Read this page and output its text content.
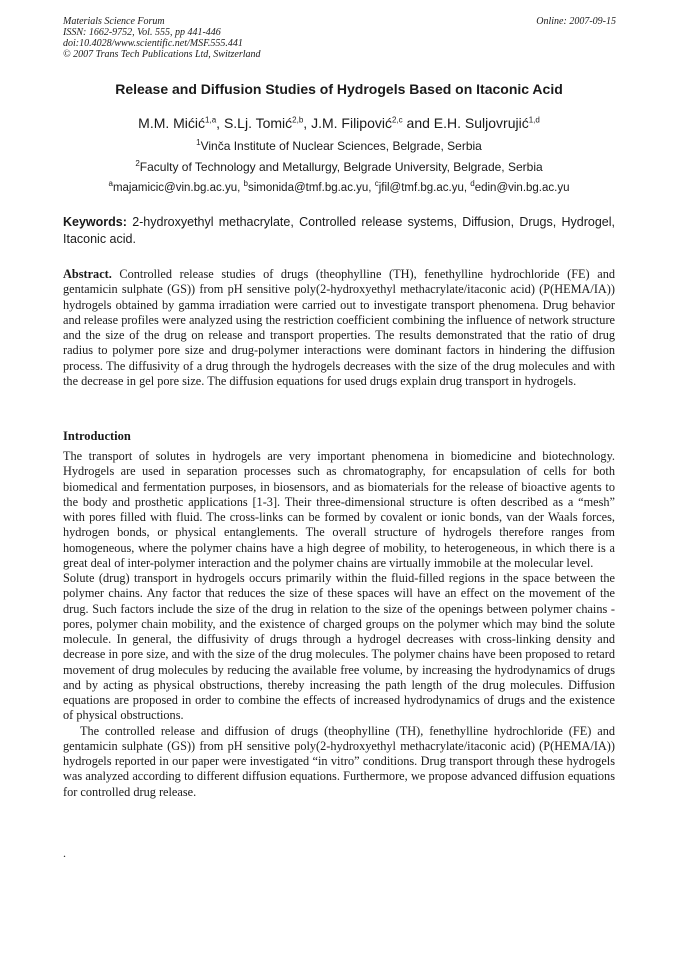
Materials Science Forum
ISSN: 1662-9752, Vol. 555, pp 441-446
doi:10.4028/www.scientific.net/MSF.555.441
© 2007 Trans Tech Publications Ltd, Switzerland
Online: 2007-09-15
Release and Diffusion Studies of Hydrogels Based on Itaconic Acid
M.M. Mićić$^{1,a}$, S.Lj. Tomić$^{2,b}$, J.M. Filipović$^{2,c}$ and E.H. Suljovrujić$^{1,d}$
$^1$Vinča Institute of Nuclear Sciences, Belgrade, Serbia
$^2$Faculty of Technology and Metallurgy, Belgrade University, Belgrade, Serbia
$^a$majamicic@vin.bg.ac.yu, $^b$simonida@tmf.bg.ac.yu, $^c$jfil@tmf.bg.ac.yu, $^d$edin@vin.bg.ac.yu
Keywords: 2-hydroxyethyl methacrylate, Controlled release systems, Diffusion, Drugs, Hydrogel, Itaconic acid.
Abstract. Controlled release studies of drugs (theophylline (TH), fenethylline hydrochloride (FE) and gentamicin sulphate (GS)) from pH sensitive poly(2-hydroxyethyl methacrylate/itaconic acid) (P(HEMA/IA)) hydrogels obtained by gamma irradiation were carried out to investigate transport phenomena. Drug behavior and release profiles were analyzed using the restriction coefficient combining the influence of network structure and the size of the drug on release and transport properties. The results demonstrated that the ratio of drug radius to polymer pore size and drug-polymer interactions were dominant factors in hindering the diffusion process. The diffusivity of a drug through the hydrogels decreases with the size of the drug molecules and with the decrease in gel pore size. The diffusion equations for used drugs explain drug transport in hydrogels.
Introduction

The transport of solutes in hydrogels are very important phenomena in biomedicine and biotechnology. Hydrogels are used in separation processes such as chromatography, for encapsulation of cells for both biomedical and fermentation purposes, in biosensors, and as biomaterials for the release of bioactive agents to the body and prosthetic applications [1-3]. Their three-dimensional structure is often described as a “mesh” with pores filled with fluid. The cross-links can be formed by covalent or ionic bonds, van der Waals forces, hydrogen bonds, or physical entanglements. The overall structure of hydrogels therefore ranges from homogeneous, where the polymer chains have a high degree of mobility, to heterogeneous, in which there is a great deal of inter-polymer interaction and the polymer chains are virtually immobile at the molecular level.

Solute (drug) transport in hydrogels occurs primarily within the fluid-filled regions in the space between the polymer chains. Any factor that reduces the size of these spaces will have an effect on the movement of the drug. Such factors include the size of the drug in relation to the size of the openings between polymer chains - pores, polymer chain mobility, and the existence of charged groups on the polymer which may bind the solute molecule. In general, the diffusivity of drugs through a hydrogel decreases with cross-linking density and decrease in pore size, and with the size of the drug molecules. The polymer chains have been proposed to retard movement of drug molecules by reducing the available free volume, by increasing the hydrodynamics of drugs and by acting as physical obstructions, thereby increasing the path length of the drug molecules. Diffusion equations are proposed in order to combine the effects of increased hydrodynamics of drugs and the existence of physical obstructions.

The controlled release and diffusion of drugs (theophylline (TH), fenethylline hydrochloride (FE) and gentamicin sulphate (GS)) from pH sensitive poly(2-hydroxyethyl methacrylate/itaconic acid) (P(HEMA/IA)) hydrogels reported in our paper were investigated “in vitro” conditions. Drug transport through these hydrogels was analyzed according to different diffusion equations. Furthermore, we propose advanced diffusion equations for controlled drug release.

.
